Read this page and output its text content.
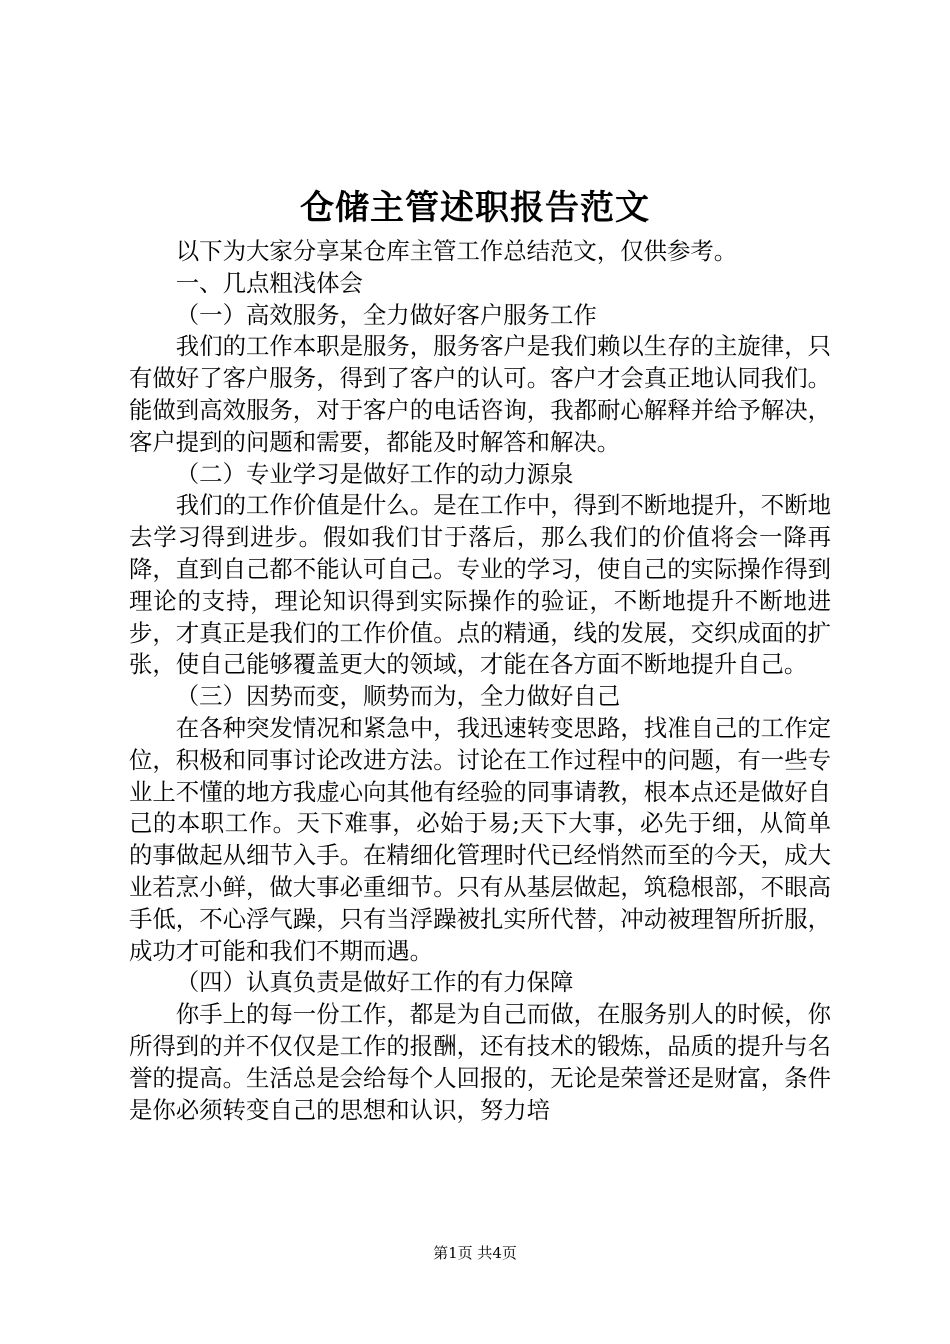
仓储主管述职报告范文

以下为大家分享某仓库主管工作总结范文，仅供参考。

一、几点粗浅体会

（一）高效服务，全力做好客户服务工作

我们的工作本职是服务，服务客户是我们赖以生存的主旋律，只有做好了客户服务，得到了客户的认可。客户才会真正地认同我们。能做到高效服务，对于客户的电话咨询，我都耐心解释并给予解决，客户提到的问题和需要，都能及时解答和解决。

（二）专业学习是做好工作的动力源泉

我们的工作价值是什么。是在工作中，得到不断地提升，不断地去学习得到进步。假如我们甘于落后，那么我们的价值将会一降再降，直到自己都不能认可自己。专业的学习，使自己的实际操作得到理论的支持，理论知识得到实际操作的验证，不断地提升不断地进步，才真正是我们的工作价值。点的精通，线的发展，交织成面的扩张，使自己能够覆盖更大的领域，才能在各方面不断地提升自己。

（三）因势而变，顺势而为，全力做好自己

在各种突发情况和紧急中，我迅速转变思路，找准自己的工作定位，积极和同事讨论改进方法。讨论在工作过程中的问题，有一些专业上不懂的地方我虚心向其他有经验的同事请教，根本点还是做好自己的本职工作。天下难事，必始于易;天下大事，必先于细，从简单的事做起从细节入手。在精细化管理时代已经悄然而至的今天，成大业若烹小鲜，做大事必重细节。只有从基层做起，筑稳根部，不眼高手低，不心浮气躁，只有当浮躁被扎实所代替，冲动被理智所折服，成功才可能和我们不期而遇。

（四）认真负责是做好工作的有力保障

你手上的每一份工作，都是为自己而做，在服务别人的时候，你所得到的并不仅仅是工作的报酬，还有技术的锻炼，品质的提升与名誉的提高。生活总是会给每个人回报的，无论是荣誉还是财富，条件是你必须转变自己的思想和认识，努力培

第1页 共4页
